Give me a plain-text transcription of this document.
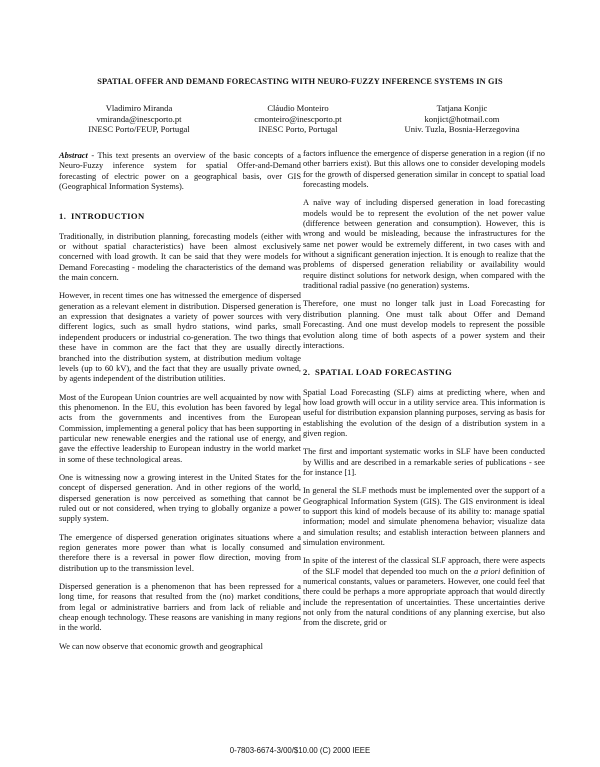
SPATIAL OFFER AND DEMAND FORECASTING WITH NEURO-FUZZY INFERENCE SYSTEMS IN GIS
Vladimiro Miranda
vmiranda@inescporto.pt
INESC Porto/FEUP, Portugal
Cláudio Monteiro
cmonteiro@inescporto.pt
INESC Porto, Portugal
Tatjana Konjic
konjict@hotmail.com
Univ. Tuzla, Bosnia-Herzegovina

Abstract - This text presents an overview of the basic concepts of a Neuro-Fuzzy inference system for spatial Offer-and-Demand forecasting of electric power on a geographical basis, over GIS (Geographical Information Systems).

1. INTRODUCTION

Traditionally, in distribution planning, forecasting models (either with or without spatial characteristics) have been almost exclusively concerned with load growth. It can be said that they were models for Demand Forecasting - modeling the characteristics of the demand was the main concern.

However, in recent times one has witnessed the emergence of dispersed generation as a relevant element in distribution. Dispersed generation is an expression that designates a variety of power sources with very different logics, such as small hydro stations, wind parks, small independent producers or industrial co-generation. The two things that these have in common are the fact that they are usually directly branched into the distribution system, at distribution medium voltage levels (up to 60 kV), and the fact that they are usually private owned, by agents independent of the distribution utilities.

Most of the European Union countries are well acquainted by now with this phenomenon. In the EU, this evolution has been favored by legal acts from the governments and incentives from the European Commission, implementing a general policy that has been supporting in particular new renewable energies and the rational use of energy, and gave the effective leadership to European industry in the world market in some of these technological areas.

One is witnessing now a growing interest in the United States for the concept of dispersed generation. And in other regions of the world, dispersed generation is now perceived as something that cannot be ruled out or not considered, when trying to globally organize a power supply system.

The emergence of dispersed generation originates situations where a region generates more power than what is locally consumed and therefore there is a reversal in power flow direction, moving from distribution up to the transmission level.

Dispersed generation is a phenomenon that has been repressed for a long time, for reasons that resulted from the (no) market conditions, from legal or administrative barriers and from lack of reliable and cheap enough technology. These reasons are vanishing in many regions in the world.

We can now observe that economic growth and geographical

factors influence the emergence of disperse generation in a region (if no other barriers exist). But this allows one to consider developing models for the growth of dispersed generation similar in concept to spatial load forecasting models.

A naïve way of including dispersed generation in load forecasting models would be to represent the evolution of the net power value (difference between generation and consumption). However, this is wrong and would be misleading, because the infrastructures for the same net power would be extremely different, in two cases with and without a significant generation injection. It is enough to realize that the problems of dispersed generation reliability or availability would require distinct solutions for network design, when compared with the traditional radial passive (no generation) systems.

Therefore, one must no longer talk just in Load Forecasting for distribution planning. One must talk about Offer and Demand Forecasting. And one must develop models to represent the possible evolution along time of both aspects of a power system and their interactions.

2. SPATIAL LOAD FORECASTING

Spatial Load Forecasting (SLF) aims at predicting where, when and how load growth will occur in a utility service area. This information is useful for distribution expansion planning purposes, serving as basis for establishing the evolution of the design of a distribution system in a given region.

The first and important systematic works in SLF have been conducted by Willis and are described in a remarkable series of publications - see for instance [1].

In general the SLF methods must be implemented over the support of a Geographical Information System (GIS). The GIS environment is ideal to support this kind of models because of its ability to: manage spatial information; model and simulate phenomena behavior; visualize data and simulation results; and establish interaction between planners and simulation environment.

In spite of the interest of the classical SLF approach, there were aspects of the SLF model that depended too much on the a priori definition of numerical constants, values or parameters. However, one could feel that there could be perhaps a more appropriate approach that would directly include the representation of uncertainties. These uncertainties derive not only from the natural conditions of any planning exercise, but also from the discrete, grid or

0-7803-6674-3/00/$10.00 (C) 2000 IEEE
